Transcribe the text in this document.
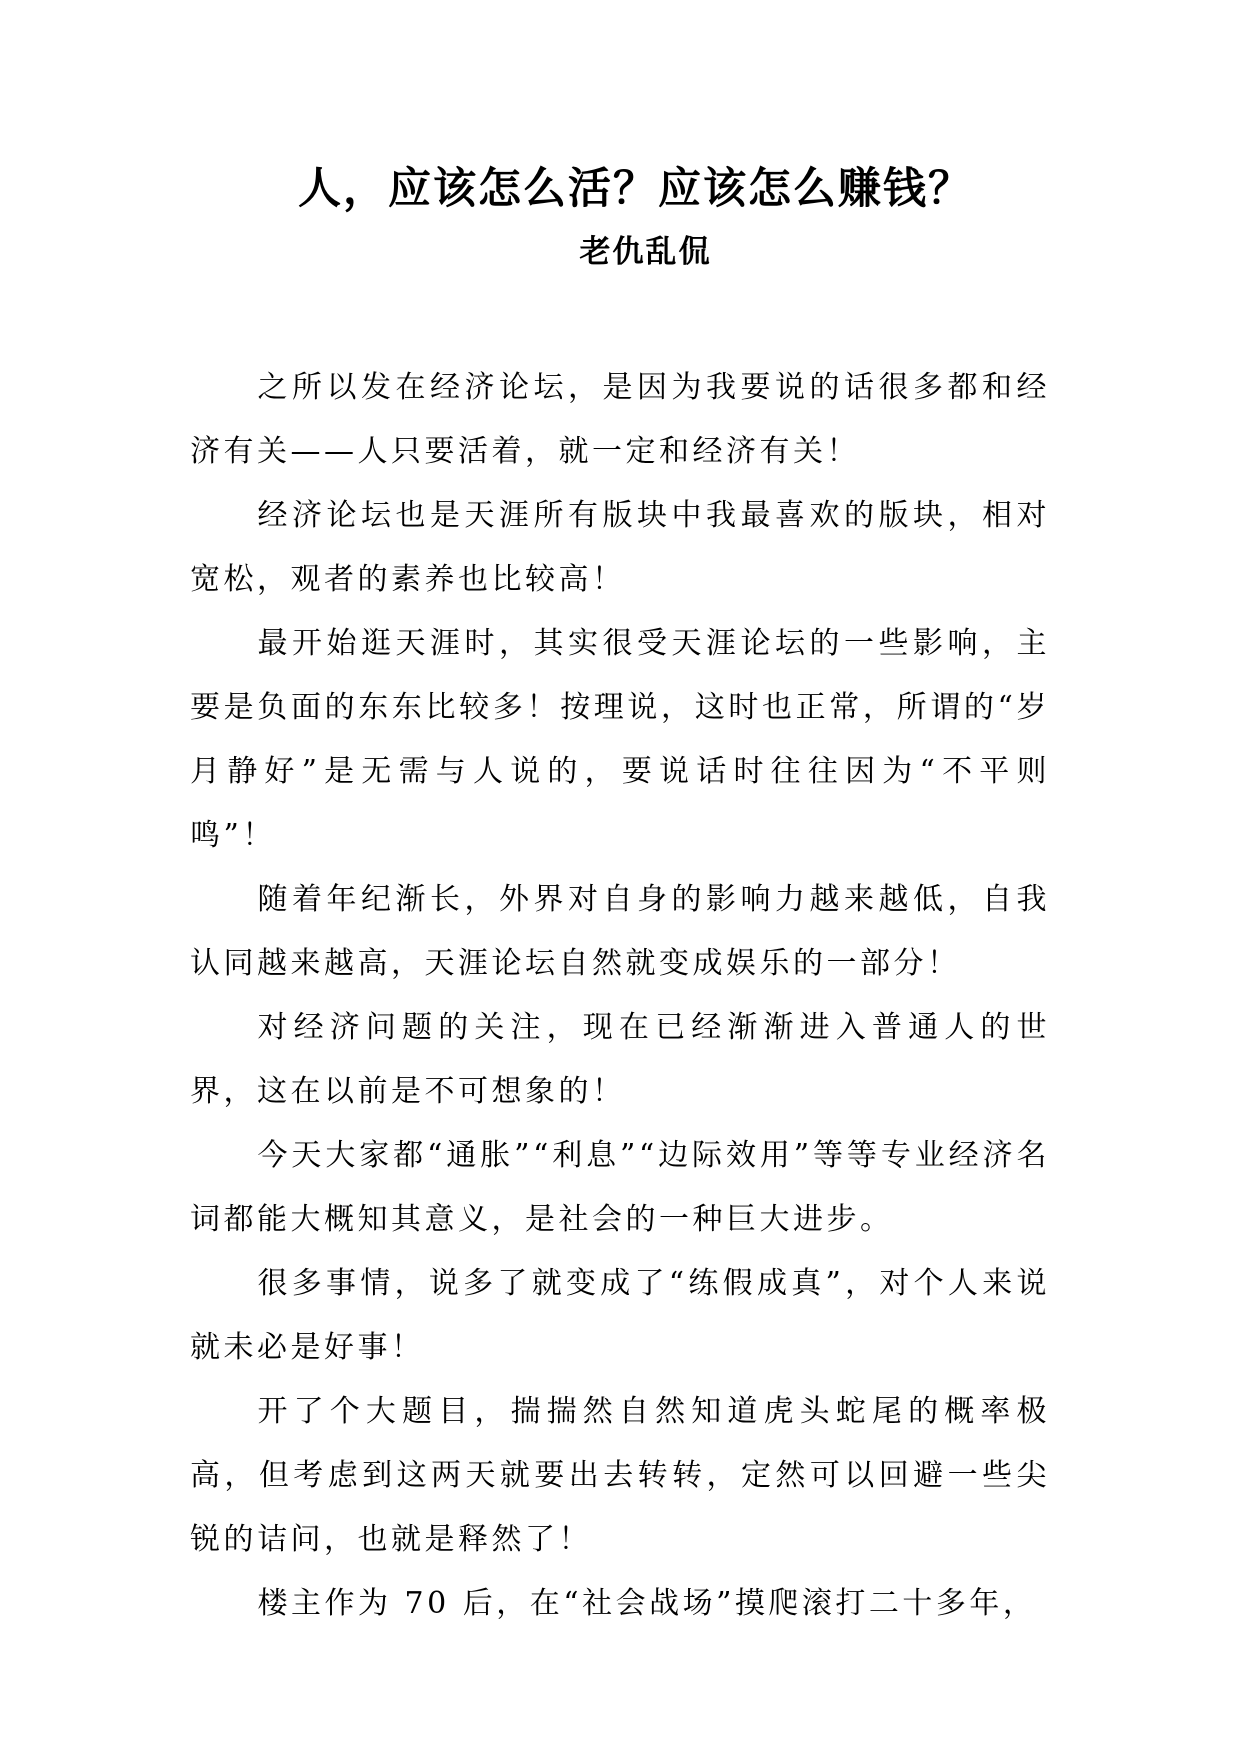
人，应该怎么活？应该怎么赚钱？
老仇乱侃

之所以发在经济论坛，是因为我要说的话很多都和经济有关——人只要活着，就一定和经济有关！

经济论坛也是天涯所有版块中我最喜欢的版块，相对宽松，观者的素养也比较高！

最开始逛天涯时，其实很受天涯论坛的一些影响，主要是负面的东东比较多！按理说，这时也正常，所谓的“岁月静好”是无需与人说的，要说话时往往因为“不平则鸣”！

随着年纪渐长，外界对自身的影响力越来越低，自我认同越来越高，天涯论坛自然就变成娱乐的一部分！

对经济问题的关注，现在已经渐渐进入普通人的世界，这在以前是不可想象的！

今天大家都“通胀”“利息”“边际效用”等等专业经济名词都能大概知其意义，是社会的一种巨大进步。

很多事情，说多了就变成了“练假成真”，对个人来说就未必是好事！

开了个大题目，揣揣然自然知道虎头蛇尾的概率极高，但考虑到这两天就要出去转转，定然可以回避一些尖锐的诘问，也就是释然了！

楼主作为 70 后，在“社会战场”摸爬滚打二十多年，
